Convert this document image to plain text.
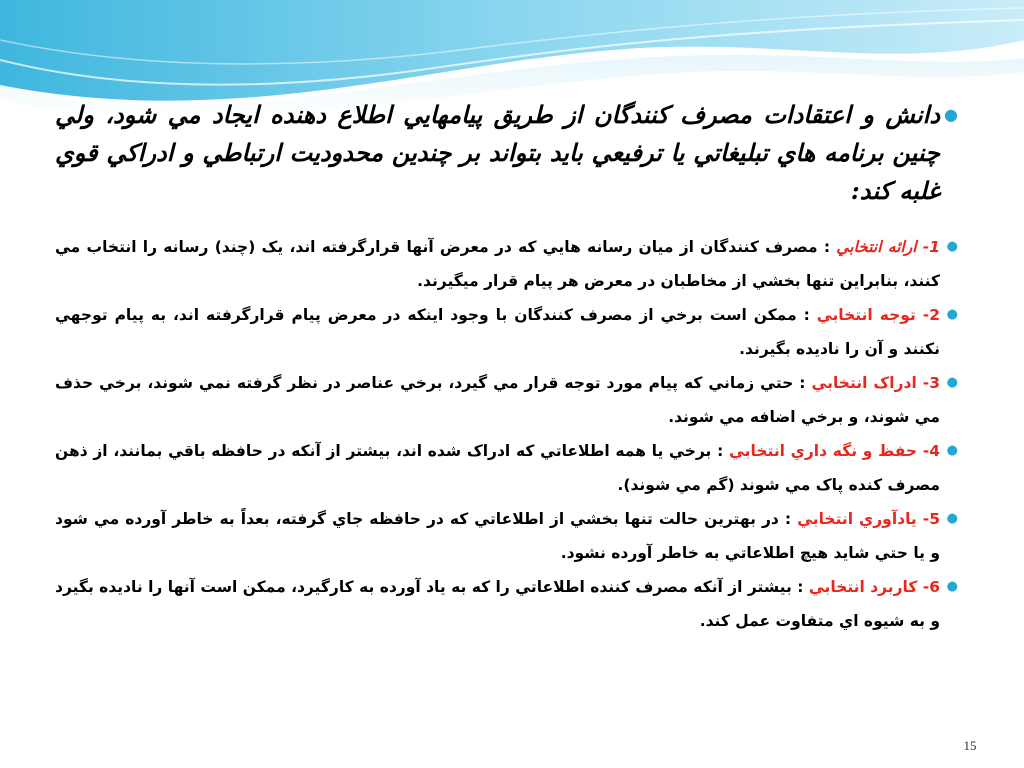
●
دانش و اعتقادات مصرف کنندگان از طريق پيامهايي اطلاع دهنده ايجاد مي شود، ولي چنين برنامه هاي تبليغاتي يا ترفيعي بايد بتواند بر چندين محدوديت ارتباطي و ادراكي قوي غلبه كند:

●
1- ارائه انتخابي : مصرف کنندگان از ميان رسانه هايي که در معرض آنها قرارگرفته اند، يک (چند) رسانه را انتخاب مي کنند، بنابراين تنها بخشي از مخاطبان در معرض هر پيام قرار ميگيرند.

●
2- توجه انتخابي : ممکن است برخي از مصرف کنندگان با وجود اينکه در معرض پيام قرارگرفته اند، به پيام توجهي نكنند و آن را ناديده بگيرند.

●
3- ادراک انتخابي : حتي زماني که پيام مورد توجه قرار مي گيرد، برخي عناصر در نظر گرفته نمي شوند، برخي حذف مي شوند، و برخي اضافه مي شوند.

●
4- حفظ و نگه داري انتخابي : برخي يا همه اطلاعاتي که ادراک شده اند، بيشتر از آنکه در حافظه باقي بمانند، از ذهن مصرف کنده پاک مي شوند (گم مي شوند).

●
5- يادآوري انتخابي : در بهترين حالت تنها بخشي از اطلاعاتي که در حافظه جاي گرفته، بعداً به خاطر آورده مي شود و يا حتي شايد هيچ اطلاعاتي به خاطر آورده نشود.

●
6- كاربرد انتخابي : بيشتر از آنكه مصرف كننده اطلاعاتي را كه به ياد آورده به كارگيرد، ممكن است آنها را ناديده بگيرد و به شيوه اي متفاوت عمل كند.

15
